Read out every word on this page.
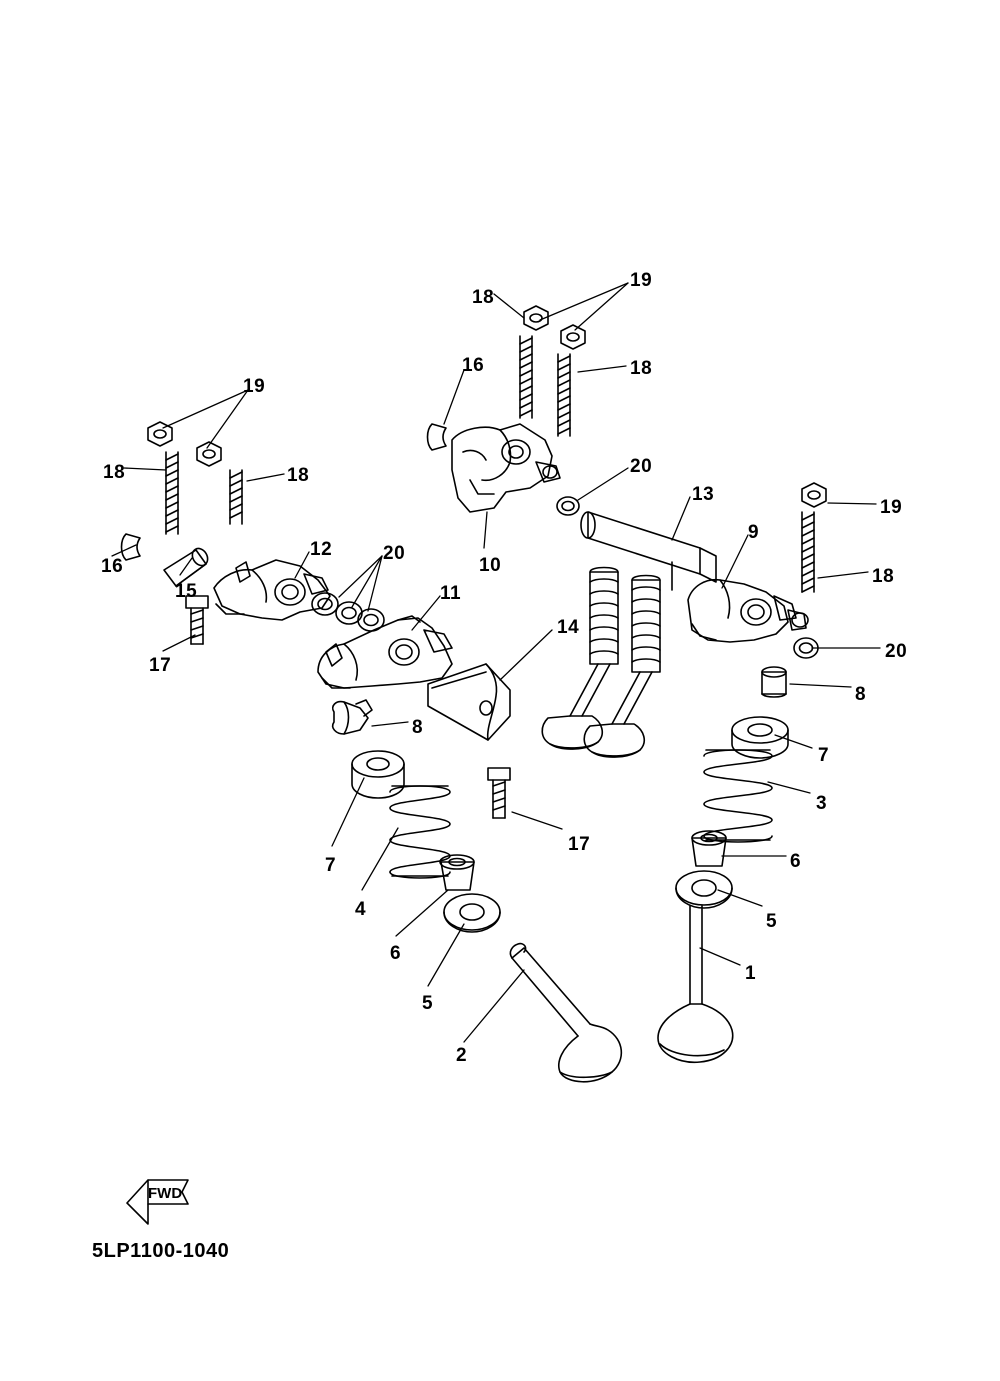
FWD
5LP1100-1040
19
18
18
16
19
18	18	20
13
19
9
12
16	10
15
18
20
11
14
20
17
8
8
7
3
17
7
4
6
5
6
1
5
2
